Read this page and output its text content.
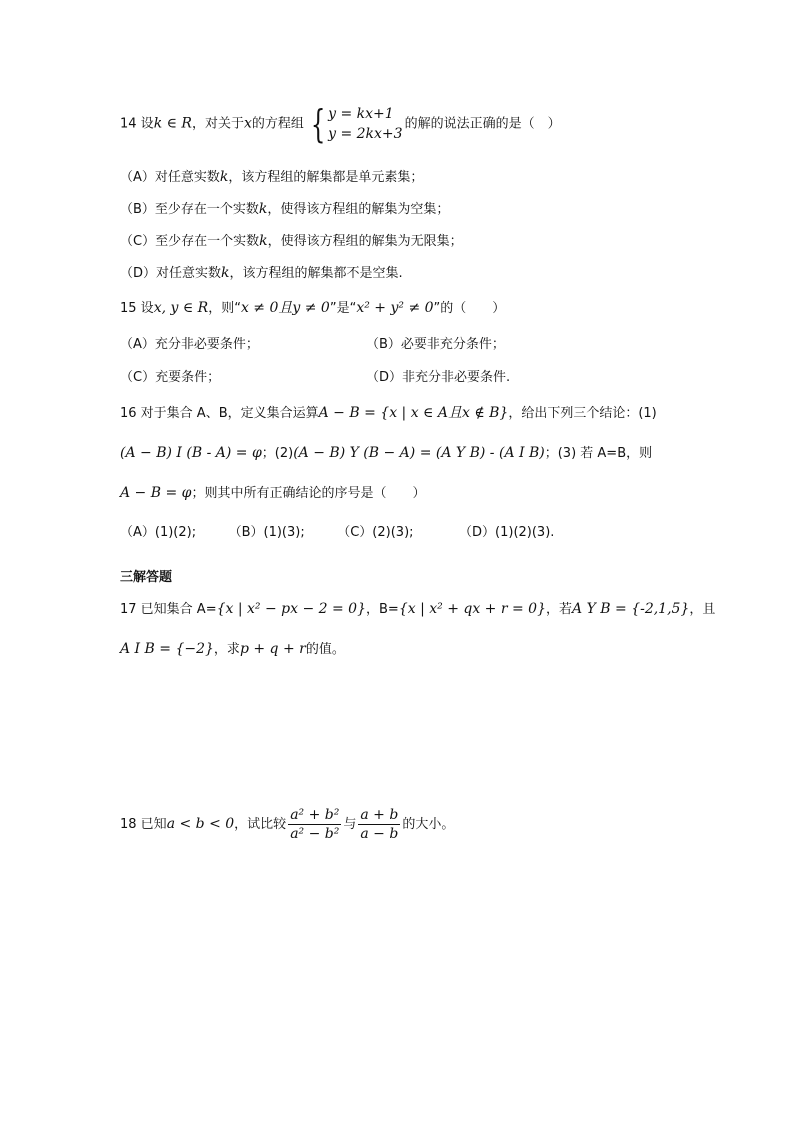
14 设k ∈ R，对关于x的方程组 { y = kx+1
y = 2kx+3
的解的说法正确的是（　）
（A）对任意实数k，该方程组的解集都是单元素集；
（B）至少存在一个实数k，使得该方程组的解集为空集；
（C）至少存在一个实数k，使得该方程组的解集为无限集；
（D）对任意实数k，该方程组的解集都不是空集.
15 设x, y ∈ R，则“x ≠ 0且y ≠ 0”是“x² + y² ≠ 0”的（　　）
（A）充分非必要条件；	（B）必要非充分条件；
（C）充要条件；	（D）非充分非必要条件.
16 对于集合 A、B，定义集合运算A − B = {x | x ∈ A且x ∉ B}，给出下列三个结论：(1)
(A − B) I (B - A) = φ；(2)(A − B) Y (B − A) = (A Y B) - (A I B)；(3) 若 A=B，则
A − B = φ；则其中所有正确结论的序号是（　　）
（A）(1)(2);　　　（B）(1)(3);　　　（C）(2)(3);　　　　（D）(1)(2)(3).
三解答题
17 已知集合 A={x | x² − px − 2 = 0}，B={x | x² + qx + r = 0}，若A Y B = {-2,1,5}，且
A I B = {−2}，求p + q + r的值。
18 已知a < b < 0，试比较 $\frac{\text{a² + b²}}{\text{a² − b²}}$ 与 $\frac{a + b}{a - b}$ 的大小。
